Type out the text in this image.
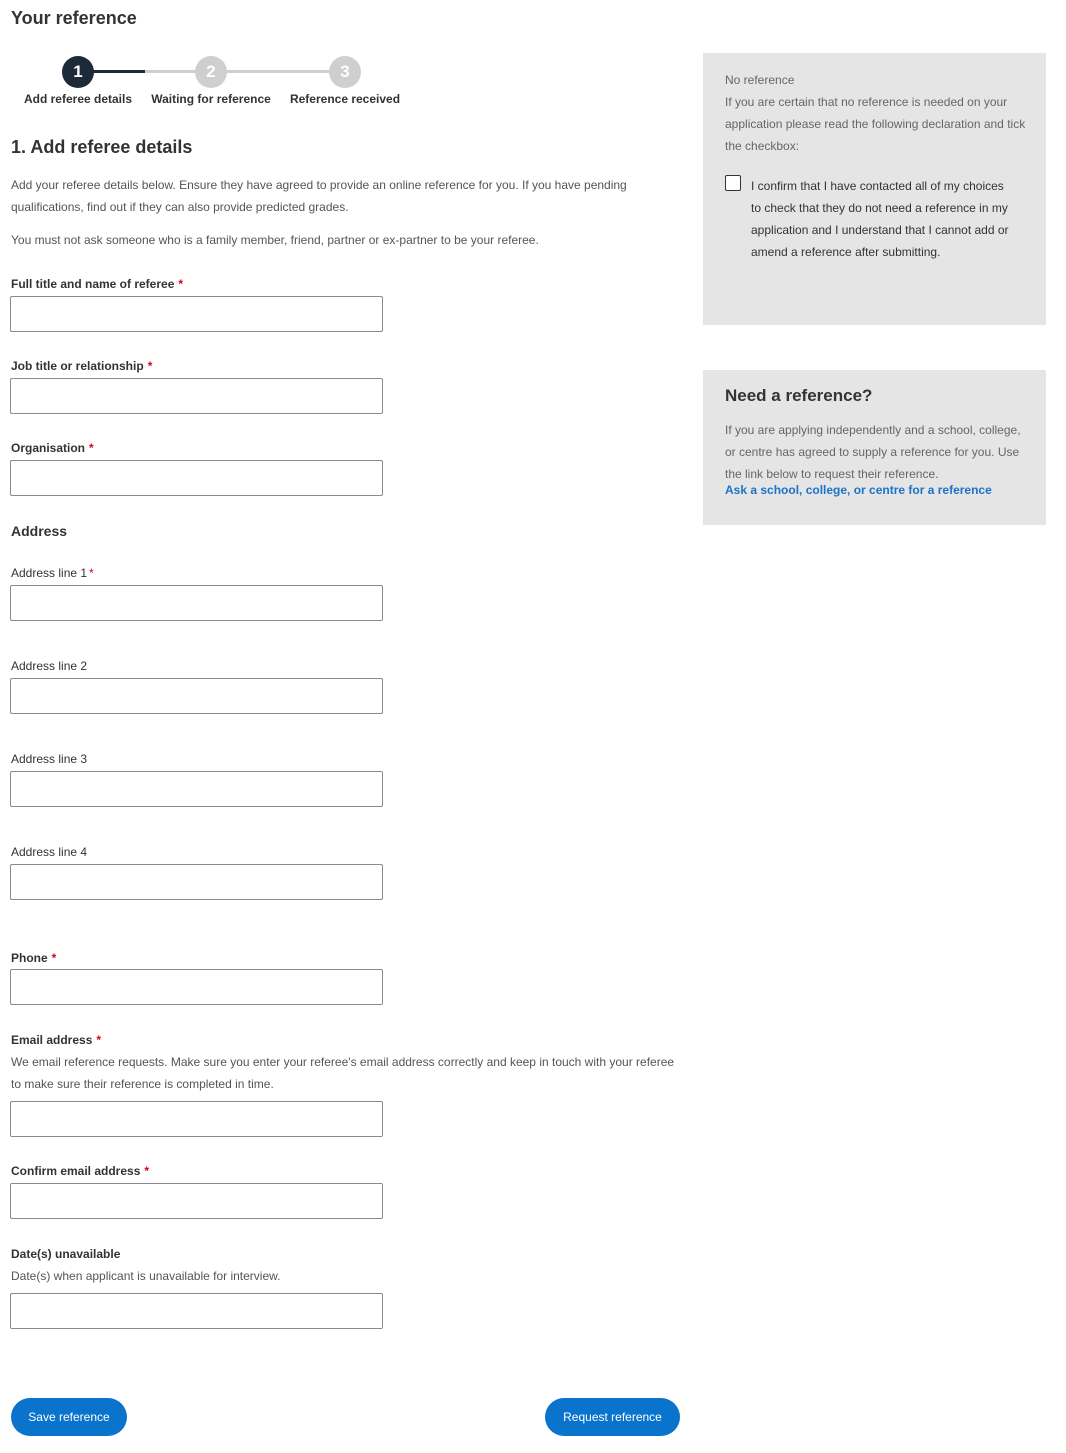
Your reference
1	2	3
Add referee details Waiting for reference Reference received
1. Add referee details

Add your referee details below. Ensure they have agreed to provide an online reference for you. If you have pending qualifications, find out if they can also provide predicted grades.

You must not ask someone who is a family member, friend, partner or ex-partner to be your referee.

Full title and name of referee *
Job title or relationship *
Organisation *
Address
Address line 1 *
Address line 2
Address line 3
Address line 4
Phone *
Email address *
We email reference requests. Make sure you enter your referee's email address correctly and keep in touch with your referee to make sure their reference is completed in time.
Confirm email address *
Date(s) unavailable
Date(s) when applicant is unavailable for interview.
No reference
If you are certain that no reference is needed on your application please read the following declaration and tick the checkbox:
I confirm that I have contacted all of my choices to check that they do not need a reference in my application and I understand that I cannot add or amend a reference after submitting.
Need a reference?
If you are applying independently and a school, college, or centre has agreed to supply a reference for you. Use the link below to request their reference.
Ask a school, college, or centre for a reference
Save reference	Request reference
